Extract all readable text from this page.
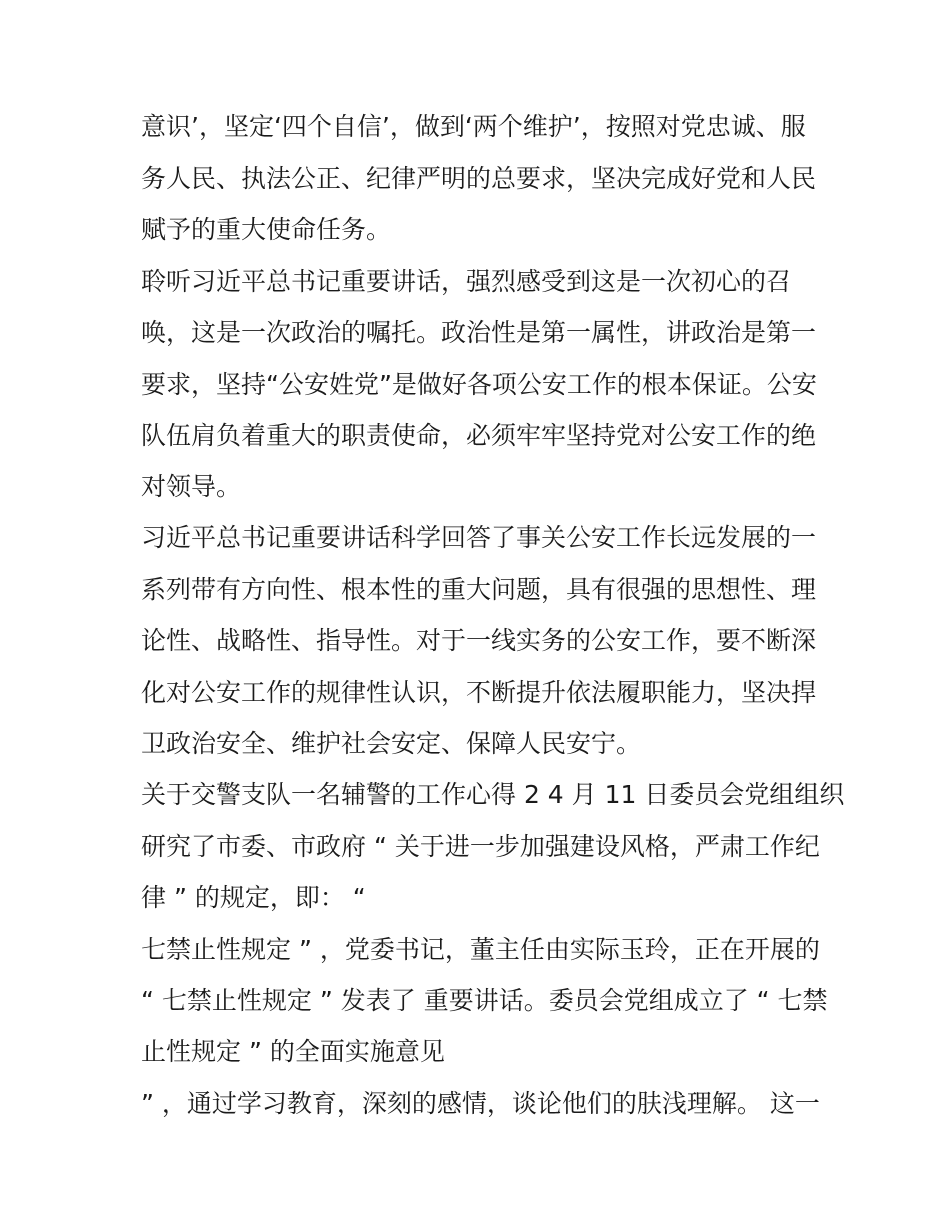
意识’，坚定‘四个自信’，做到‘两个维护’，按照对党忠诚、服
务人民、执法公正、纪律严明的总要求，坚决完成好党和人民
赋予的重大使命任务。
聆听习近平总书记重要讲话，强烈感受到这是一次初心的召
唤，这是一次政治的嘱托。政治性是第一属性，讲政治是第一
要求，坚持“公安姓党”是做好各项公安工作的根本保证。公安
队伍肩负着重大的职责使命，必须牢牢坚持党对公安工作的绝
对领导。
习近平总书记重要讲话科学回答了事关公安工作长远发展的一
系列带有方向性、根本性的重大问题，具有很强的思想性、理
论性、战略性、指导性。对于一线实务的公安工作，要不断深
化对公安工作的规律性认识，不断提升依法履职能力，坚决捍
卫政治安全、维护社会安定、保障人民安宁。
关于交警支队一名辅警的工作心得 2 4 月 11 日委员会党组组织
研究了市委、市政府 “ 关于进一步加强建设风格，严肃工作纪
律 ” 的规定，即： “
七禁止性规定 ” ，党委书记，董主任由实际玉玲，正在开展的
“ 七禁止性规定 ” 发表了 重要讲话。委员会党组成立了 “ 七禁
止性规定 ” 的全面实施意见
” ，通过学习教育，深刻的感情，谈论他们的肤浅理解。 这一
